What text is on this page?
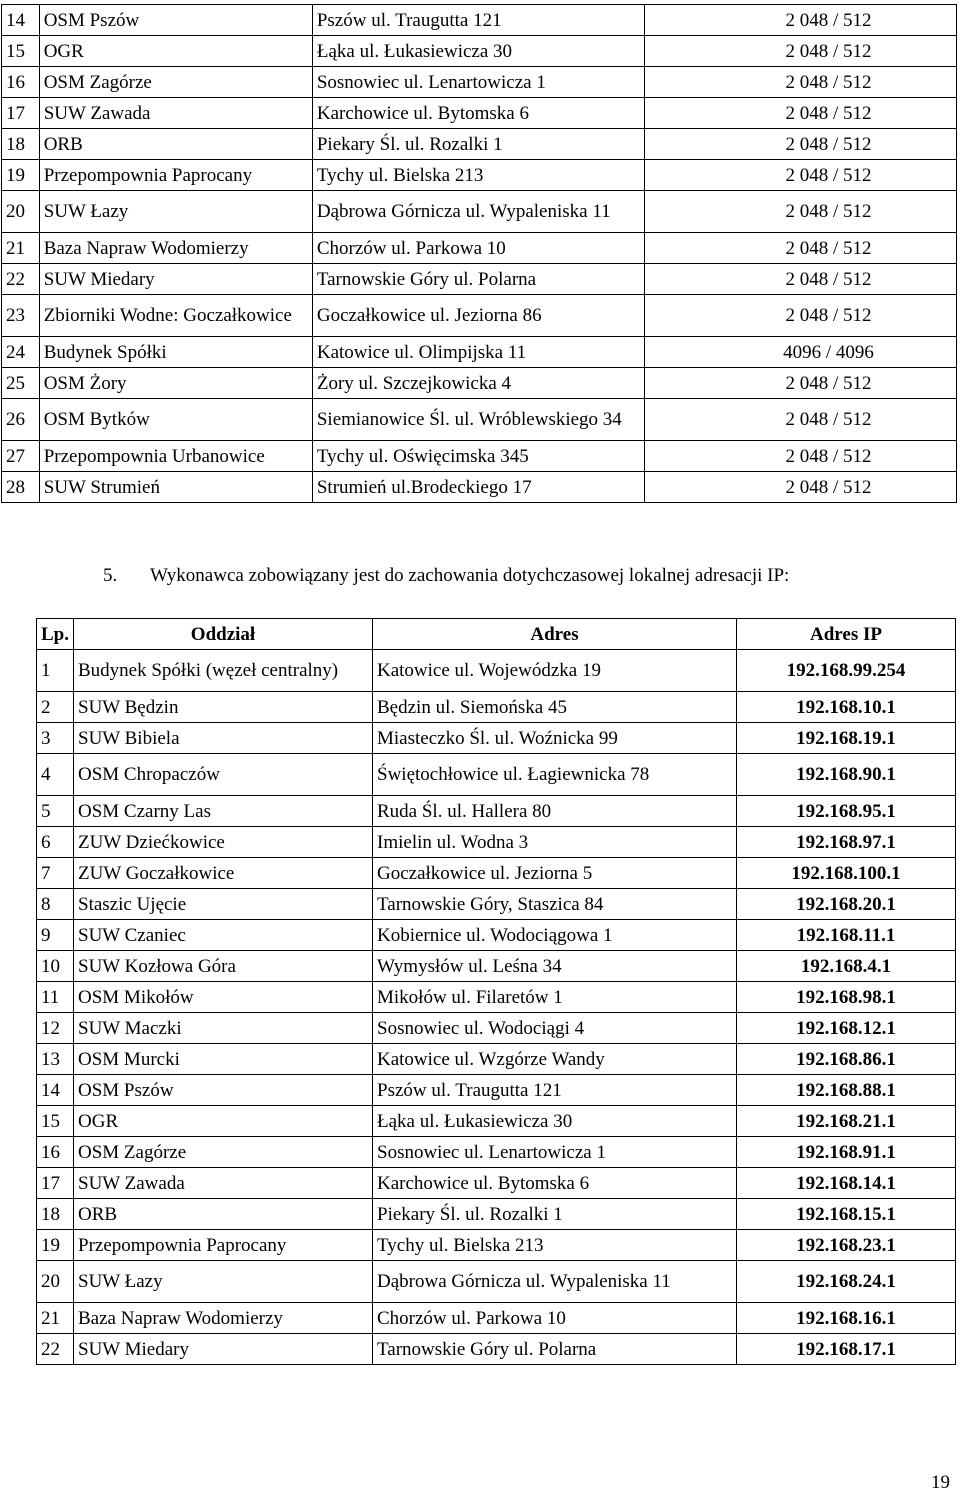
14	OSM Pszów	Pszów ul. Traugutta 121	2 048 / 512
15	OGR	Łąka ul. Łukasiewicza 30	2 048 / 512
16	OSM Zagórze	Sosnowiec ul. Lenartowicza 1	2 048 / 512
17	SUW Zawada	Karchowice ul. Bytomska 6	2 048 / 512
18	ORB	Piekary Śl. ul. Rozalki 1	2 048 / 512
19	Przepompownia Paprocany	Tychy ul. Bielska 213	2 048 / 512
20	SUW Łazy	Dąbrowa Górnicza ul. Wypaleniska 11	2 048 / 512
21	Baza Napraw Wodomierzy	Chorzów ul. Parkowa 10	2 048 / 512
22	SUW Miedary	Tarnowskie Góry ul. Polarna	2 048 / 512
23	Zbiorniki Wodne: Goczałkowice	Goczałkowice ul. Jeziorna 86	2 048 / 512
24	Budynek Spółki	Katowice ul. Olimpijska 11	4096 / 4096
25	OSM Żory	Żory ul. Szczejkowicka 4	2 048 / 512
26	OSM Bytków	Siemianowice Śl. ul. Wróblewskiego 34	2 048 / 512
27	Przepompownia Urbanowice	Tychy ul. Oświęcimska 345	2 048 / 512
28	SUW Strumień	Strumień ul.Brodeckiego 17	2 048 / 512
5. Wykonawca zobowiązany jest do zachowania dotychczasowej lokalnej adresacji IP:
Lp.	Oddział	Adres	Adres IP
1	Budynek Spółki (węzeł centralny)	Katowice ul. Wojewódzka 19	192.168.99.254
2	SUW Będzin	Będzin ul. Siemońska 45	192.168.10.1
3	SUW Bibiela	Miasteczko Śl. ul. Woźnicka 99	192.168.19.1
4	OSM Chropaczów	Świętochłowice ul. Łagiewnicka 78	192.168.90.1
5	OSM Czarny Las	Ruda Śl. ul. Hallera 80	192.168.95.1
6	ZUW Dziećkowice	Imielin ul. Wodna 3	192.168.97.1
7	ZUW Goczałkowice	Goczałkowice ul. Jeziorna 5	192.168.100.1
8	Staszic Ujęcie	Tarnowskie Góry, Staszica 84	192.168.20.1
9	SUW Czaniec	Kobiernice ul. Wodociągowa 1	192.168.11.1
10	SUW Kozłowa Góra	Wymysłów ul. Leśna 34	192.168.4.1
11	OSM Mikołów	Mikołów ul. Filaretów 1	192.168.98.1
12	SUW Maczki	Sosnowiec ul. Wodociągi 4	192.168.12.1
13	OSM Murcki	Katowice ul. Wzgórze Wandy	192.168.86.1
14	OSM Pszów	Pszów ul. Traugutta 121	192.168.88.1
15	OGR	Łąka ul. Łukasiewicza 30	192.168.21.1
16	OSM Zagórze	Sosnowiec ul. Lenartowicza 1	192.168.91.1
17	SUW Zawada	Karchowice ul. Bytomska 6	192.168.14.1
18	ORB	Piekary Śl. ul. Rozalki 1	192.168.15.1
19	Przepompownia Paprocany	Tychy ul. Bielska 213	192.168.23.1
20	SUW Łazy	Dąbrowa Górnicza ul. Wypaleniska 11	192.168.24.1
21	Baza Napraw Wodomierzy	Chorzów ul. Parkowa 10	192.168.16.1
22	SUW Miedary	Tarnowskie Góry ul. Polarna	192.168.17.1
19
